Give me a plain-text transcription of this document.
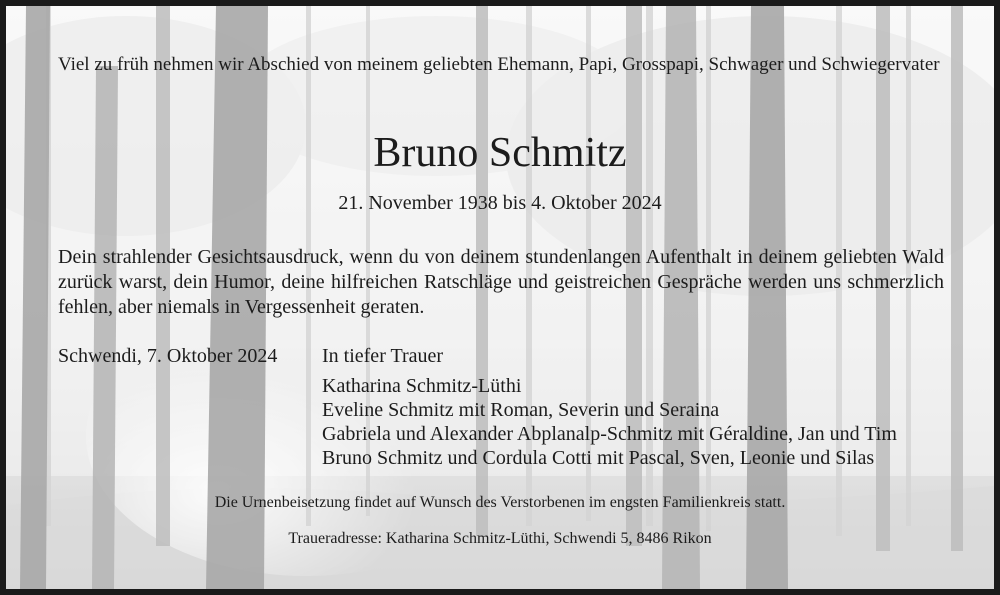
Viel zu früh nehmen wir Abschied von meinem geliebten Ehemann, Papi, Grosspapi, Schwager und Schwiegervater

Bruno Schmitz

21. November 1938 bis 4. Oktober 2024

Dein strahlender Gesichtsausdruck, wenn du von deinem stundenlangen Aufenthalt in deinem geliebten Wald zurück warst, dein Humor, deine hilfreichen Ratschläge und geistreichen Gespräche werden uns schmerzlich fehlen, aber niemals in Vergessenheit geraten.

Schwendi, 7. Oktober 2024 In tiefer Trauer
Katharina Schmitz-Lüthi
Eveline Schmitz mit Roman, Severin und Seraina
Gabriela und Alexander Abplanalp-Schmitz mit Géraldine, Jan und Tim
Bruno Schmitz und Cordula Cotti mit Pascal, Sven, Leonie und Silas

Die Urnenbeisetzung findet auf Wunsch des Verstorbenen im engsten Familienkreis statt.

Traueradresse: Katharina Schmitz-Lüthi, Schwendi 5, 8486 Rikon
